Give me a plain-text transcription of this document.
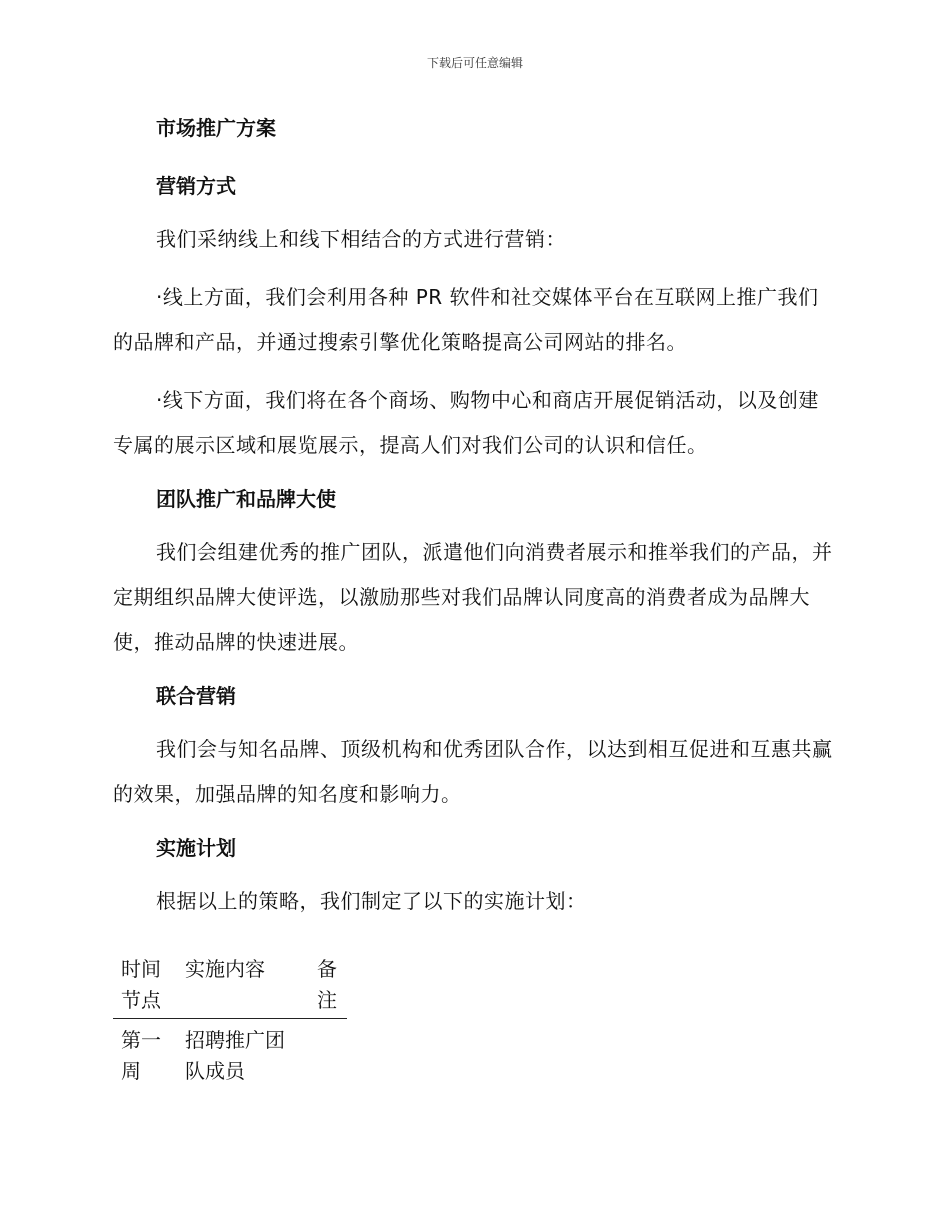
下载后可任意编辑
市场推广方案
营销方式

我们采纳线上和线下相结合的方式进行营销：

·线上方面，我们会利用各种 PR 软件和社交媒体平台在互联网上推广我们的品牌和产品，并通过搜索引擎优化策略提高公司网站的排名。

·线下方面，我们将在各个商场、购物中心和商店开展促销活动，以及创建专属的展示区域和展览展示，提高人们对我们公司的认识和信任。

团队推广和品牌大使

我们会组建优秀的推广团队，派遣他们向消费者展示和推举我们的产品，并定期组织品牌大使评选，以激励那些对我们品牌认同度高的消费者成为品牌大使，推动品牌的快速进展。

联合营销

我们会与知名品牌、顶级机构和优秀团队合作，以达到相互促进和互惠共赢的效果，加强品牌的知名度和影响力。

实施计划

根据以上的策略，我们制定了以下的实施计划：

时间节点	实施内容	备注
第一周	招聘推广团队成员	
